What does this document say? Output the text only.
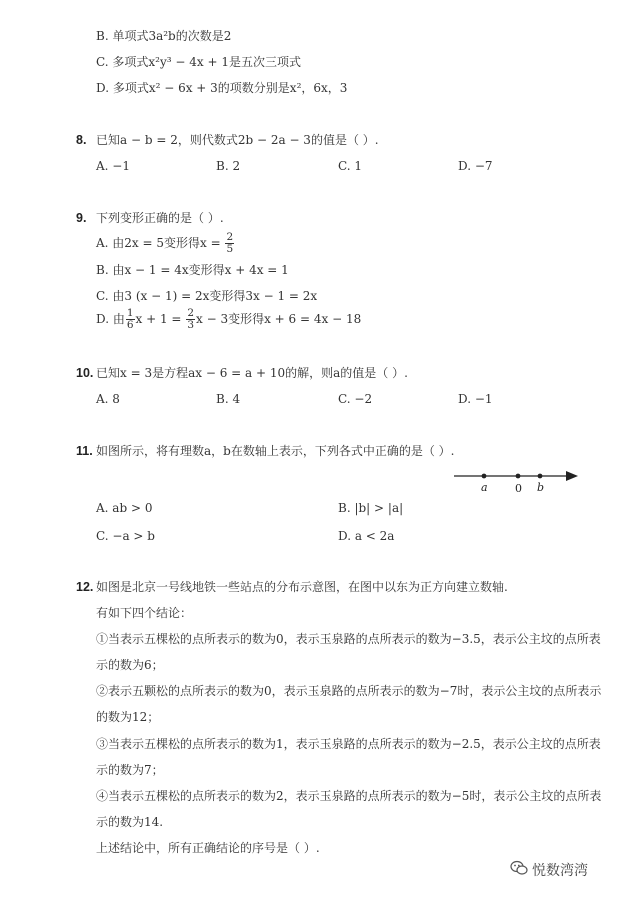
B. 单项式3a²b的次数是2
C. 多项式x²y³ − 4x + 1是五次三项式
D. 多项式x² − 6x + 3的项数分别是x²，6x，3
8. 已知a − b = 2，则代数式2b − 2a − 3的值是（ ）.
A. −1	B. 2	C. 1	D. −7
9. 下列变形正确的是（ ）.
A. 由2x = 5变形得$x = \frac{2}{5}$
B. 由x − 1 = 4x变形得x + 4x = 1
C. 由3 (x − 1) = 2x变形得3x − 1 = 2x
D. 由 $\frac{1}{6}$ $x + 1 = \frac{2}{3}$ x − 3变形得x + 6 = 4x − 18
10. 已知x = 3是方程ax − 6 = a + 10的解，则a的值是（ ）.
A. 8	B. 4	C. −2	D. −1
11. 如图所示，将有理数a，b在数轴上表示，下列各式中正确的是（ ）.
a 0 b
A. ab > 0	B. |b| > |a|
C. −a > b	D. a < 2a
12. 如图是北京一号线地铁一些站点的分布示意图，在图中以东为正方向建立数轴.
有如下四个结论：
①当表示五棵松的点所表示的数为0，表示玉泉路的点所表示的数为−3.5，表示公主坟的点所表
示的数为6；
②表示五颗松的点所表示的数为0，表示玉泉路的点所表示的数为−7时，表示公主坟的点所表示
的数为12；
③当表示五棵松的点所表示的数为1，表示玉泉路的点所表示的数为−2.5，表示公主坟的点所表
示的数为7；
④当表示五棵松的点所表示的数为2，表示玉泉路的点所表示的数为−5时，表示公主坟的点所表
示的数为14.
上述结论中，所有正确结论的序号是（ ）.
悦数湾湾
